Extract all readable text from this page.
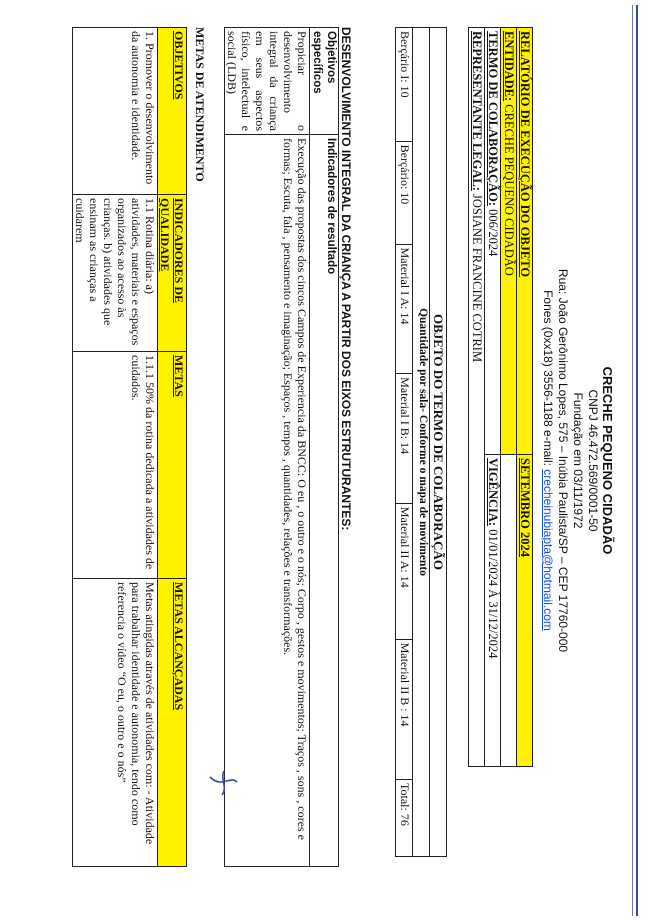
CRECHE PEQUENO CIDADÃO
CNPJ 46.472.569/0001-50
Fundação em 03/11/1972
Rua: João Gerônimo Lopes, 575 – Inúbia Paulista/SP – CEP 17760-000
Fones (0xx18) 3556-1188 e-mail: crecheinubiapta@hotmail.com
RELATÓRIO DE EXECUÇÃO DO OBJETO	SETEMBRO 2024
ENTIDADE: CRECHE PEQUENO CIDADÃO	
TERMO DE COLABORAÇÃO: 006/2024	VIGÊNCIA: 01/01/2024 À 31/12/2024
REPRESENTANTE LEGAL: JOSIANE FRANCINE COTRIM	
OBJETO DO TERMO DE COLABORAÇÃO
Quantidade por sala- Conforme o mapa de movimento
Berçário I: 10	Berçário: 10	Material I A: 14	Material I B: 14	Material II A: 14	Material II B : 14	Total: 76
DESENVOLVIMENTO INTEGRAL DA CRIANÇA A PARTIR DOS EIXOS ESTRUTURANTES:
Objetivos específicos	Indicadores de resultado
Propiciar o desenvolvimento integral da criança em seus aspectos físico, intelectual e social (LDB)	Execução das propostas dos cincos Campos de Experiencia da BNCC: O eu , o outro e o nós; Corpo , gestos e movimentos; Traços , sons , cores e formas; Escuta, fala , pensamento e imaginação; Espaços , tempos , quantidades, relações e transformações.
METAS DE ATENDIMENTO
OBJETIVOS	INDICADORES DE QUALIDADE	METAS	METAS ALCANÇADAS
1. Promover o desenvolvimento da autonomia e identidade.	1.1 Rotina diária: a) atividades, materiais e espaços organizados ao acesso às crianças. b) atividades que ensinam as crianças a cuidarem	1.1.1 50% da rotina dedicada a atividades de cuidados.	Metas atingidas através de atividades com: - Atividade para trabalhar identidade e autonomia, tendo como referencia o vídeo “O eu, o outro e o nós”
